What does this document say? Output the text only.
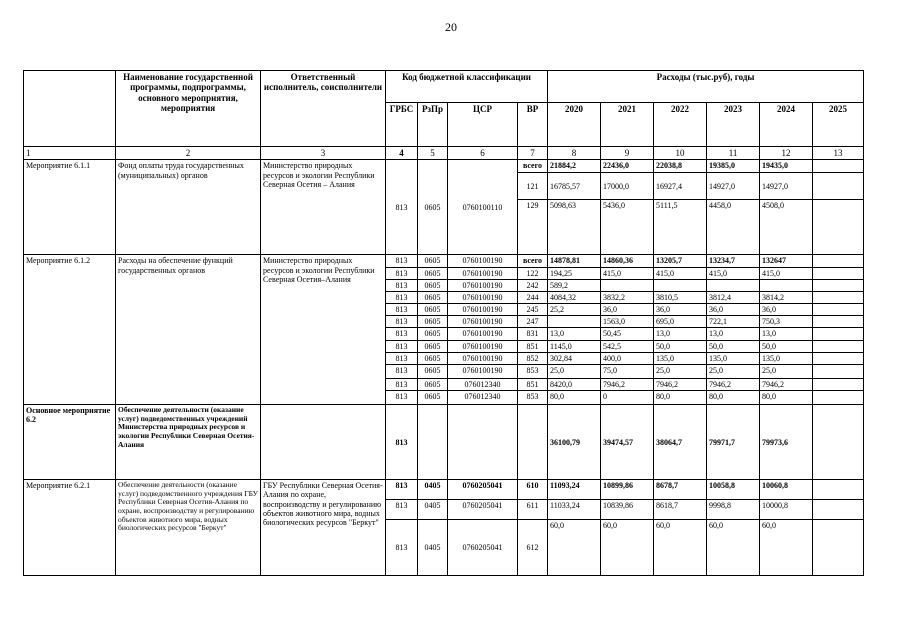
20
	Наименование государственной программы, подпрограммы, основного мероприятия, мероприятия	Ответственный исполнитель, соисполнители	Код бюджетной классификации				Расходы (тыс.руб), годы					
			ГРБС	РзПр	ЦСР	ВР	2020	2021	2022	2023	2024	2025
1	2	3	4	5	6	7	8	9	10	11	12	13
Мероприятие 6.1.1	Фонд оплаты труда государственных (муниципальных) органов	Министерство природных ресурсов и экологии Республики Северная Осетия – Алания	813	0605	0760100110	всего	21884,2	22436,0	22038,8	19385,0	19435,0	
						121	16785,57	17000,0	16927,4	14927,0	14927,0	
						129	5098,63	5436,0	5111,5	4458,0	4508,0	
Мероприятие 6.1.2	Расходы на обеспечение функций государственных органов	Министерство природных ресурсов и экологии Республики Северная Осетия–Алания	813	0605	0760100190	всего	14878,81	14860,36	13205,7	13234,7	132647	
			813	0605	0760100190	122	194,25	415,0	415,0	415,0	415,0	
			813	0605	0760100190	242	589,2					
			813	0605	0760100190	244	4084,32	3832,2	3810,5	3812,4	3814,2	
			813	0605	0760100190	245	25,2	36,0	36,0	36,0	36,0	
			813	0605	0760100190	247		1563,0	695,0	722,1	750,3	
			813	0605	0760100190	831	13,0	50,45	13,0	13,0	13,0	
			813	0605	0760100190	851	1145,0	542,5	50,0	50,0	50,0	
			813	0605	0760100190	852	302,84	400,0	135,0	135,0	135,0	
			813	0605	0760100190	853	25,0	75,0	25,0	25,0	25,0	
			813	0605	076012340	851	8420,0	7946,2	7946,2	7946,2	7946,2	
			813	0605	076012340	853	80,0	0	80,0	80,0	80,0	
Основное мероприятие 6.2	Обеспечение деятельности (оказание услуг) подведомственных учреждений Министерства природных ресурсов и экологии Республики Северная Осетия-Алания		813				36100,79	39474,57	38064,7	79971,7	79973,6	
Мероприятие 6.2.1	Обеспечение деятельности (оказание услуг) подведомственного учреждения ГБУ Республики Северная Осетия-Алания по охране, воспроизводству и регулированию объектов животного мира, водных биологических ресурсов "Беркут"	ГБУ Республики Северная Осетия-Алания по охране, воспроизводству и регулированию объектов животного мира, водных биологических ресурсов "Беркут"	813	0405	0760205041	610	11093,24	10899,86	8678,7	10058,8	10060,8	
			813	0405	0760205041	611	11033,24	10839,86	8618,7	9998,8	10000,8	
			813	0405	0760205041	612	60,0	60,0	60,0	60,0	60,0	
